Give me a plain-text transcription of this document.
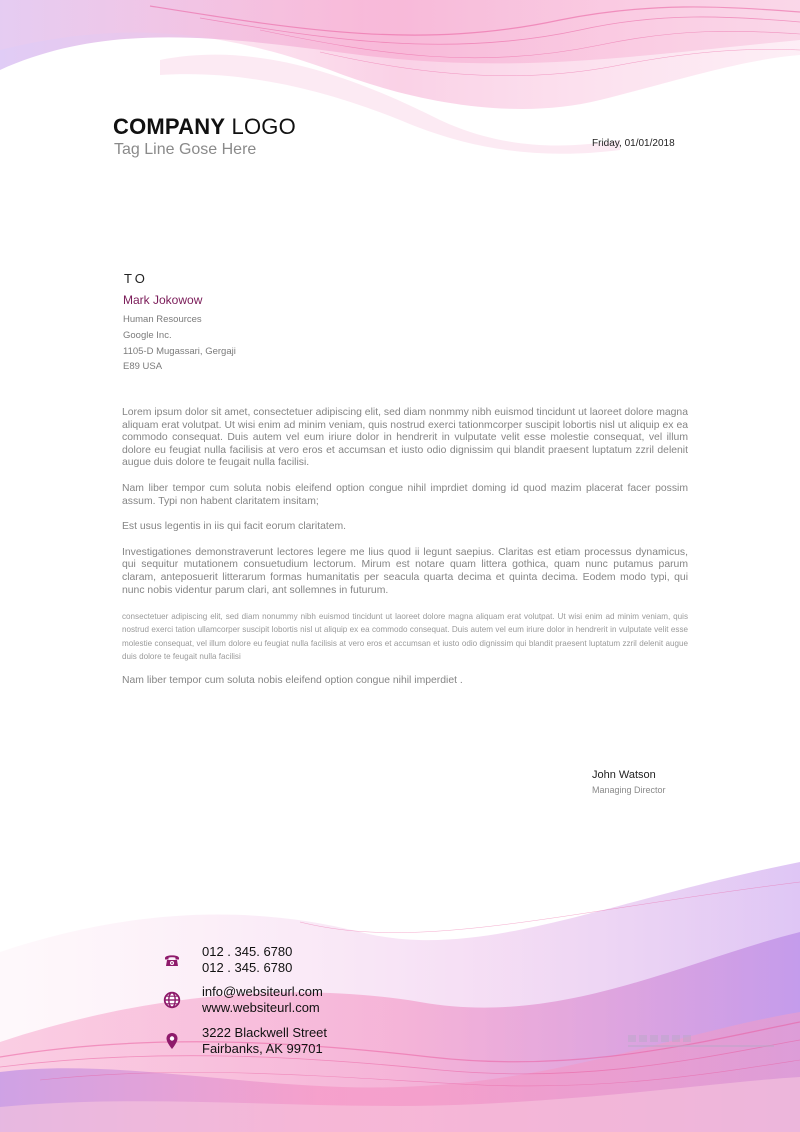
COMPANY LOGO
Tag Line Gose Here	Friday, 01/01/2018
TO
Mark Jokowow
Human Resources
Google Inc.
1105-D Mugassari, Gergaji
E89 USA

Lorem ipsum dolor sit amet, consectetuer adipiscing elit, sed diam nonmmy nibh euismod tincidunt ut laoreet dolore magna aliquam erat volutpat. Ut wisi enim ad minim veniam, quis nostrud exerci tationmcorper suscipit lobortis nisl ut aliquip ex ea commodo consequat. Duis autem vel eum iriure dolor in hendrerit in vulputate velit esse molestie consequat, vel illum dolore eu feugiat nulla facilisis at vero eros et accumsan et iusto odio dignissim qui blandit praesent luptatum zzril delenit augue duis dolore te feugait nulla facilisi.

Nam liber tempor cum soluta nobis eleifend option congue nihil imprdiet doming id quod mazim placerat facer possim assum. Typi non habent claritatem insitam;

Est usus legentis in iis qui facit eorum claritatem.

Investigationes demonstraverunt lectores legere me lius quod ii legunt saepius. Claritas est etiam processus dynamicus, qui sequitur mutationem consuetudium lectorum. Mirum est notare quam littera gothica, quam nunc putamus parum claram, anteposuerit litterarum formas humanitatis per seacula quarta decima et quinta decima. Eodem modo typi, qui nunc nobis videntur parum clari, ant sollemnes in futurum.

consectetuer adipiscing elit, sed diam nonummy nibh euismod tincidunt ut laoreet dolore magna aliquam erat volutpat. Ut wisi enim ad minim veniam, quis nostrud exerci tation ullamcorper suscipit lobortis nisl ut aliquip ex ea commodo consequat. Duis autem vel eum iriure dolor in hendrerit in vulputate velit esse molestie consequat, vel illum dolore eu feugiat nulla facilisis at vero eros et accumsan et iusto odio dignissim qui blandit praesent luptatum zzril delenit augue duis dolore te feugait nulla facilisi

Nam liber tempor cum soluta nobis eleifend option congue nihil imperdiet .

John Watson
Managing Director
012 . 345. 6780
012 . 345. 6780
info@websiteurl.com
www.websiteurl.com
3222 Blackwell Street
Fairbanks, AK 99701
